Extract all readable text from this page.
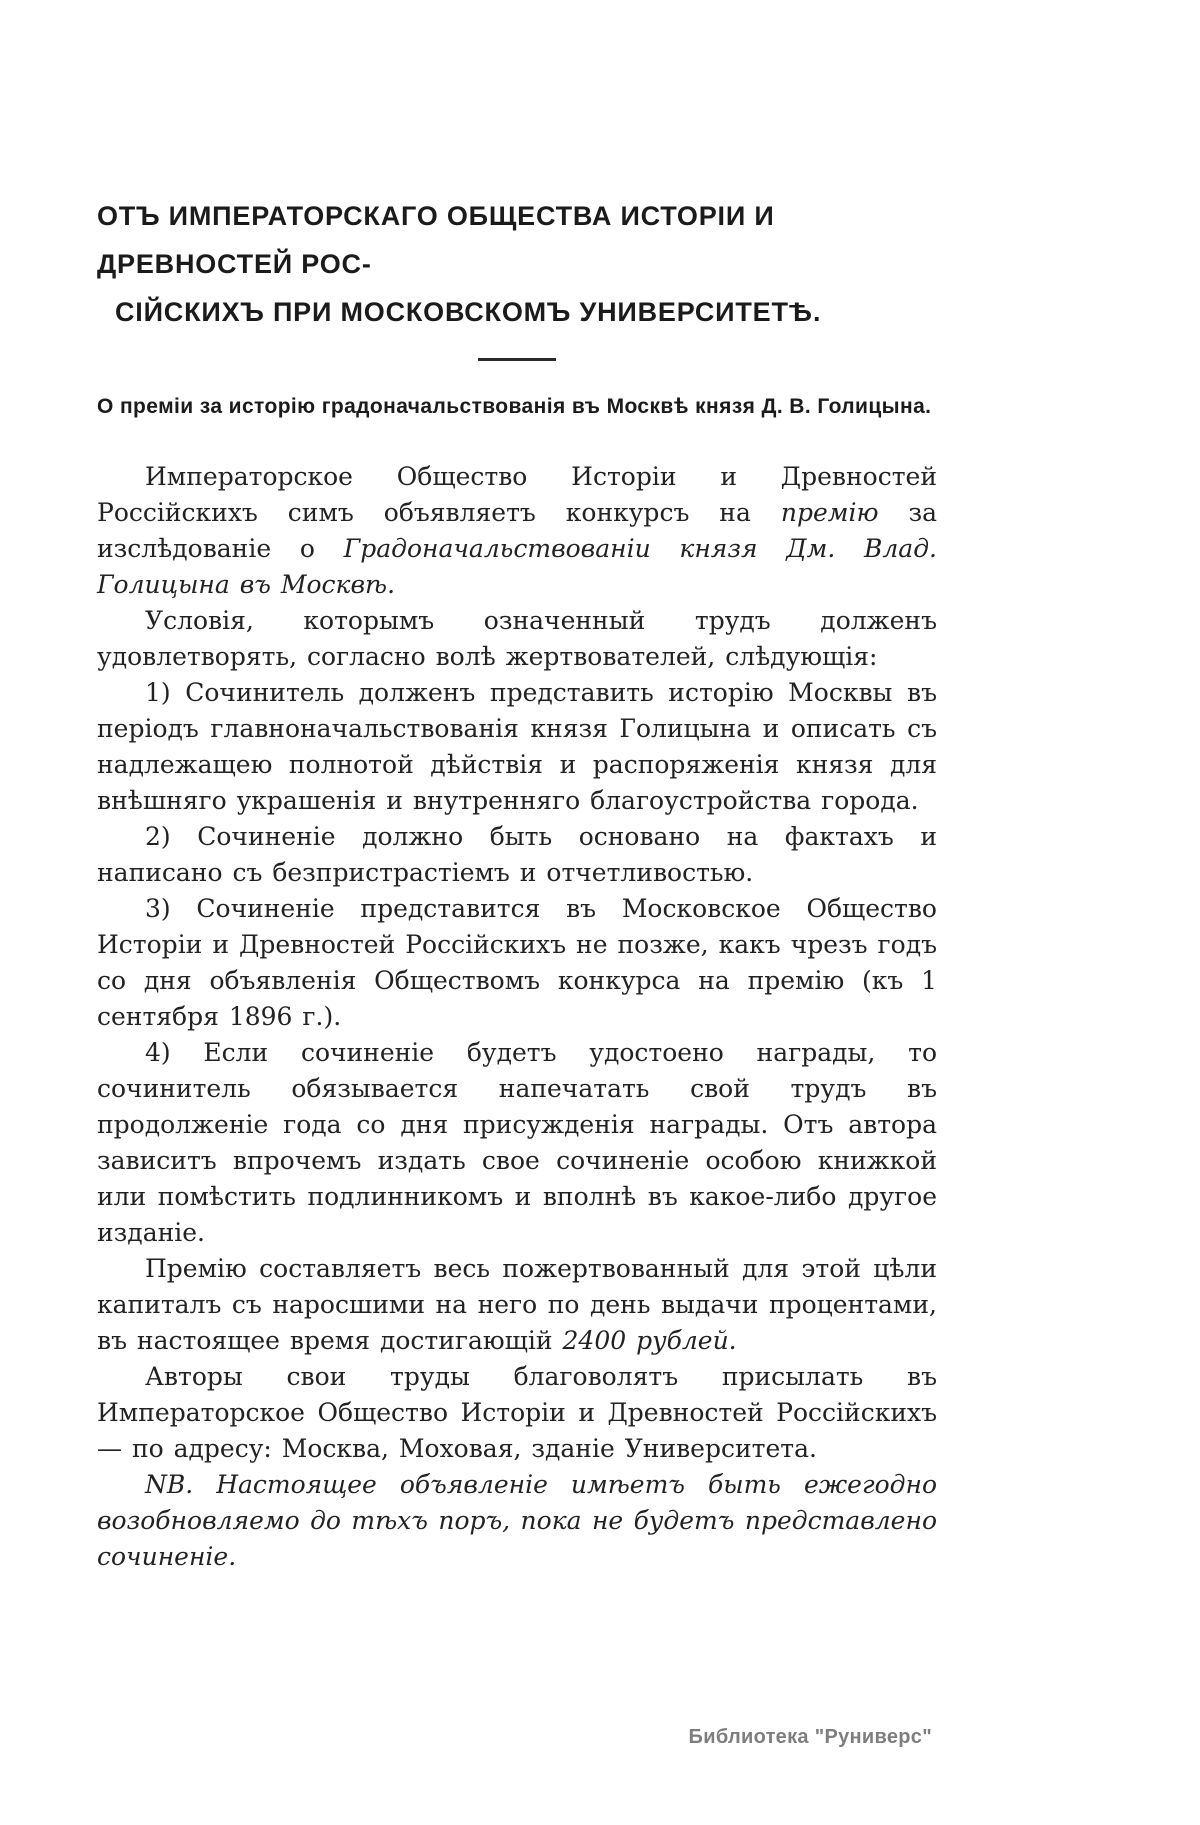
ОТЪ ИМПЕРАТОРСКАГО ОБЩЕСТВА ИСТОРІИ И ДРЕВНОСТЕЙ РОС-
СІЙСКИХЪ ПРИ МОСКОВСКОМЪ УНИВЕРСИТЕТѢ.
О преміи за исторію градоначальствованія въ Москвѣ князя Д. В. Голицына.

Императорское Общество Исторіи и Древностей Россійскихъ симъ объявляетъ конкурсъ на премію за изслѣдованіе о Градоначальствованіи князя Дм. Влад. Голицына въ Москвѣ.

Условія, которымъ означенный трудъ долженъ удовлетворять, согласно волѣ жертвователей, слѣдующія:

1) Сочинитель долженъ представить исторію Москвы въ періодъ главноначальствованія князя Голицына и описать съ надлежащею полнотой дѣйствія и распоряженія князя для внѣшняго украшенія и внутренняго благоустройства города.

2) Сочиненіе должно быть основано на фактахъ и написано съ безпристрастіемъ и отчетливостью.

3) Сочиненіе представится въ Московское Общество Исторіи и Древностей Россійскихъ не позже, какъ чрезъ годъ со дня объявленія Обществомъ конкурса на премію (къ 1 сентября 1896 г.).

4) Если сочиненіе будетъ удостоено награды, то сочинитель обязывается напечатать свой трудъ въ продолженіе года со дня присужденія награды. Отъ автора зависитъ впрочемъ издать свое сочиненіе особою книжкой или помѣстить подлинникомъ и вполнѣ въ какое-либо другое изданіе.

Премію составляетъ весь пожертвованный для этой цѣли капиталъ съ наросшими на него по день выдачи процентами, въ настоящее время достигающій 2400 рублей.

Авторы свои труды благоволятъ присылать въ Императорское Общество Исторіи и Древностей Россійскихъ — по адресу: Москва, Моховая, зданіе Университета.

NB. Настоящее объявленіе имѣетъ быть ежегодно возобновляемо до тѣхъ поръ, пока не будетъ представлено сочиненіе.

Библиотека "Руниверс"
